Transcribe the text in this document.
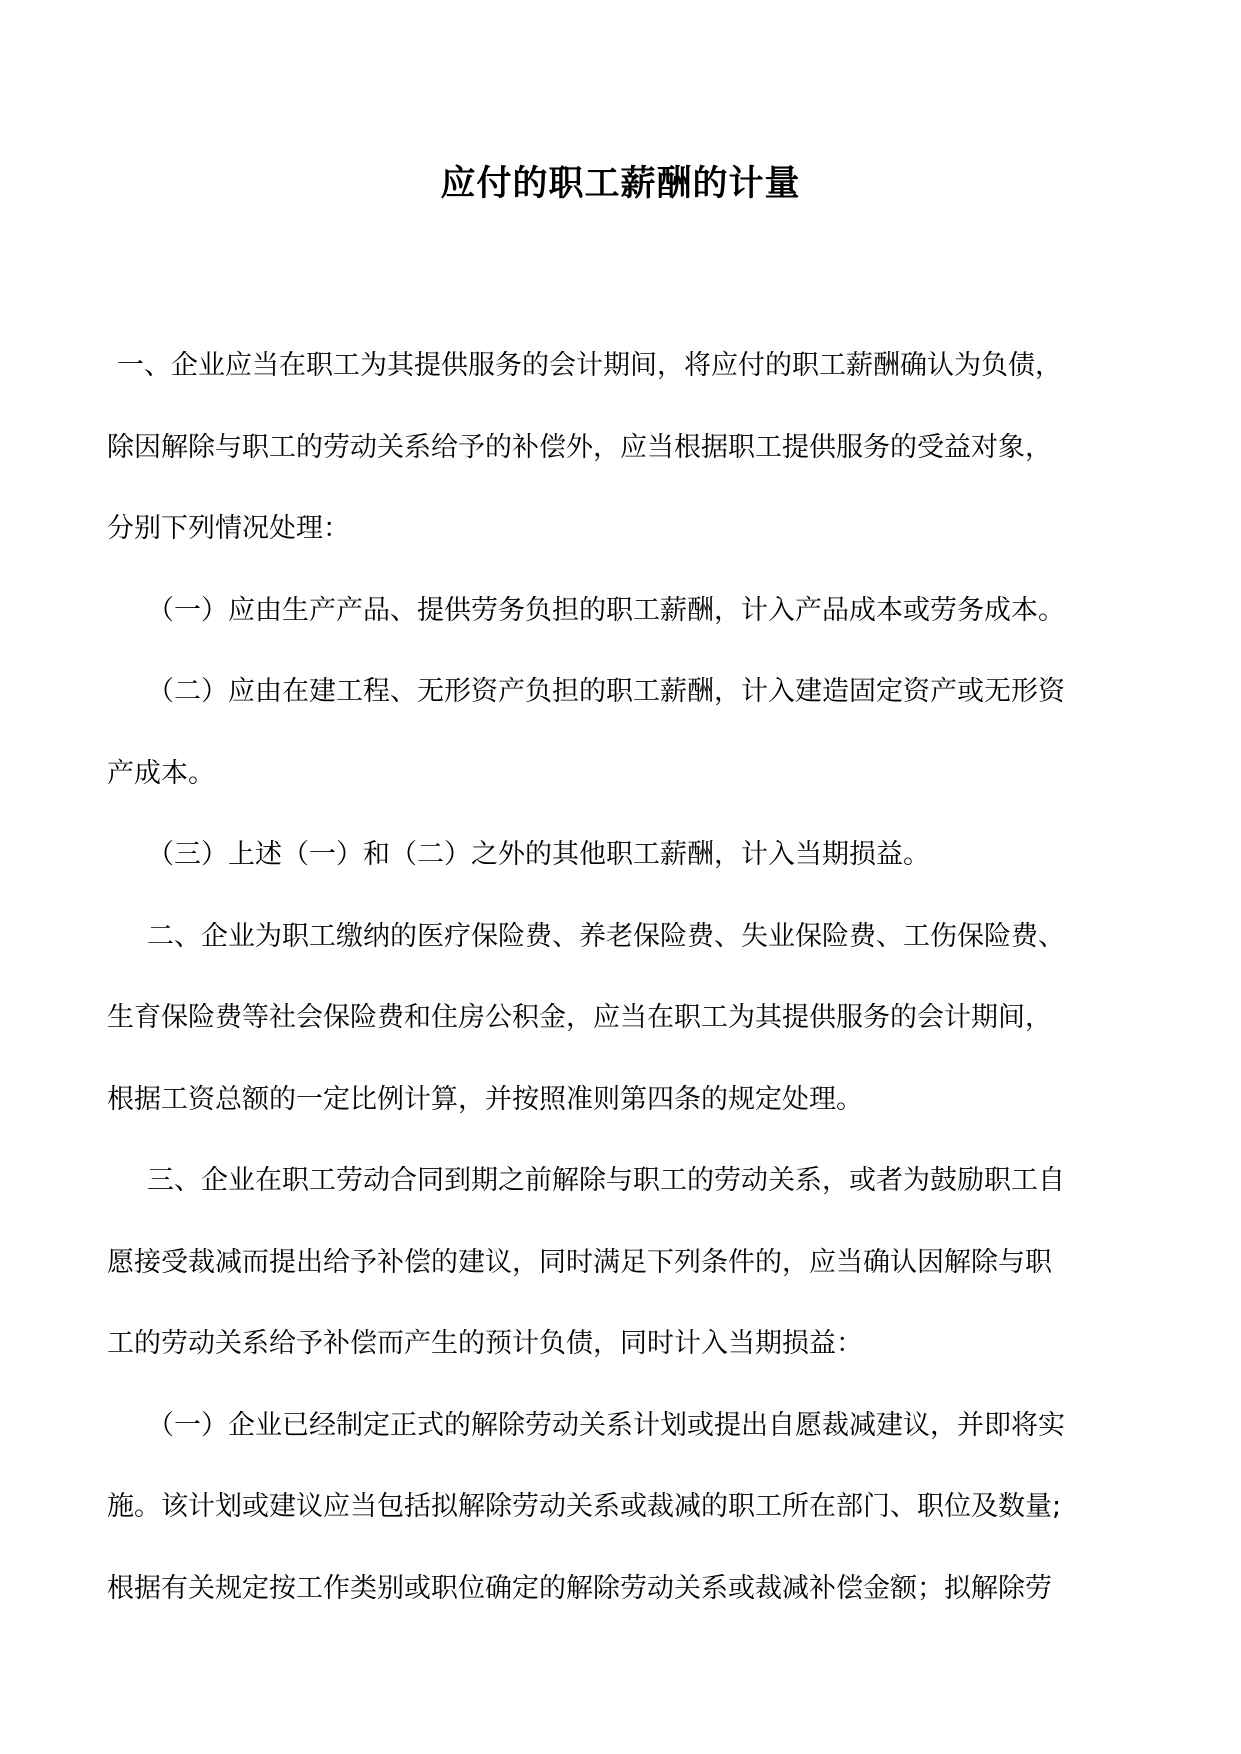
应付的职工薪酬的计量
一、企业应当在职工为其提供服务的会计期间，将应付的职工薪酬确认为负债，
除因解除与职工的劳动关系给予的补偿外，应当根据职工提供服务的受益对象，
分别下列情况处理：
（一）应由生产产品、提供劳务负担的职工薪酬，计入产品成本或劳务成本。
（二）应由在建工程、无形资产负担的职工薪酬，计入建造固定资产或无形资
产成本。
（三）上述（一）和（二）之外的其他职工薪酬，计入当期损益。
二、企业为职工缴纳的医疗保险费、养老保险费、失业保险费、工伤保险费、
生育保险费等社会保险费和住房公积金，应当在职工为其提供服务的会计期间，
根据工资总额的一定比例计算，并按照准则第四条的规定处理。
三、企业在职工劳动合同到期之前解除与职工的劳动关系，或者为鼓励职工自
愿接受裁减而提出给予补偿的建议，同时满足下列条件的，应当确认因解除与职
工的劳动关系给予补偿而产生的预计负债，同时计入当期损益：
（一）企业已经制定正式的解除劳动关系计划或提出自愿裁减建议，并即将实
施。该计划或建议应当包括拟解除劳动关系或裁减的职工所在部门、职位及数量;
根据有关规定按工作类别或职位确定的解除劳动关系或裁减补偿金额；拟解除劳
